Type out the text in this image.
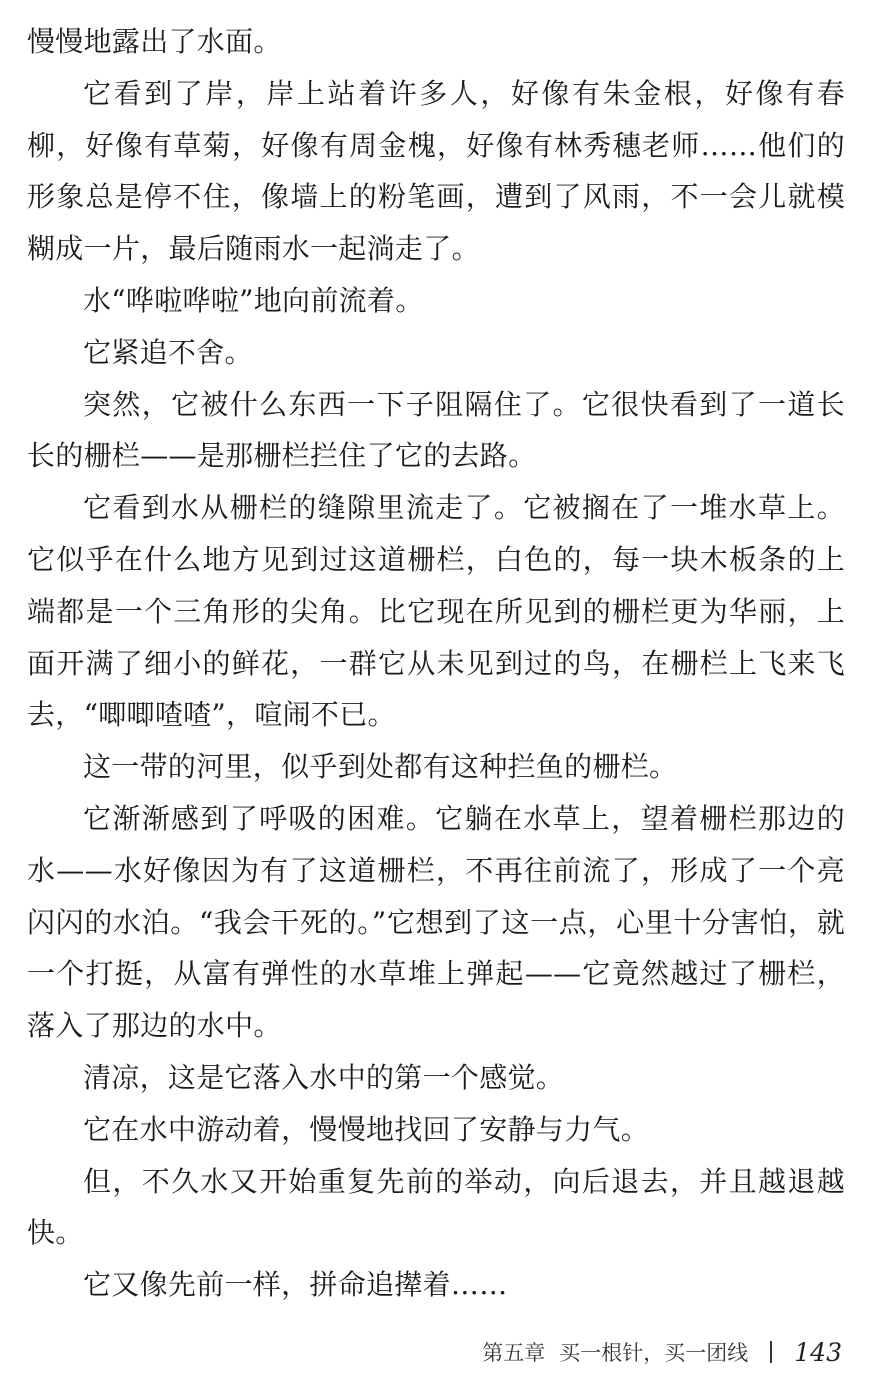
慢慢地露出了水面。

它看到了岸，岸上站着许多人，好像有朱金根，好像有春柳，好像有草菊，好像有周金槐，好像有林秀穗老师……他们的形象总是停不住，像墙上的粉笔画，遭到了风雨，不一会儿就模糊成一片，最后随雨水一起淌走了。

水“哗啦哗啦”地向前流着。

它紧追不舍。

突然，它被什么东西一下子阻隔住了。它很快看到了一道长长的栅栏——是那栅栏拦住了它的去路。

它看到水从栅栏的缝隙里流走了。它被搁在了一堆水草上。它似乎在什么地方见到过这道栅栏，白色的，每一块木板条的上端都是一个三角形的尖角。比它现在所见到的栅栏更为华丽，上面开满了细小的鲜花，一群它从未见到过的鸟，在栅栏上飞来飞去，“唧唧喳喳”，喧闹不已。

这一带的河里，似乎到处都有这种拦鱼的栅栏。

它渐渐感到了呼吸的困难。它躺在水草上，望着栅栏那边的水——水好像因为有了这道栅栏，不再往前流了，形成了一个亮闪闪的水泊。“我会干死的。”它想到了这一点，心里十分害怕，就一个打挺，从富有弹性的水草堆上弹起——它竟然越过了栅栏，落入了那边的水中。

清凉，这是它落入水中的第一个感觉。

它在水中游动着，慢慢地找回了安静与力气。

但，不久水又开始重复先前的举动，向后退去，并且越退越快。

它又像先前一样，拼命追撵着……

第五章 买一根针，买一团线 143
